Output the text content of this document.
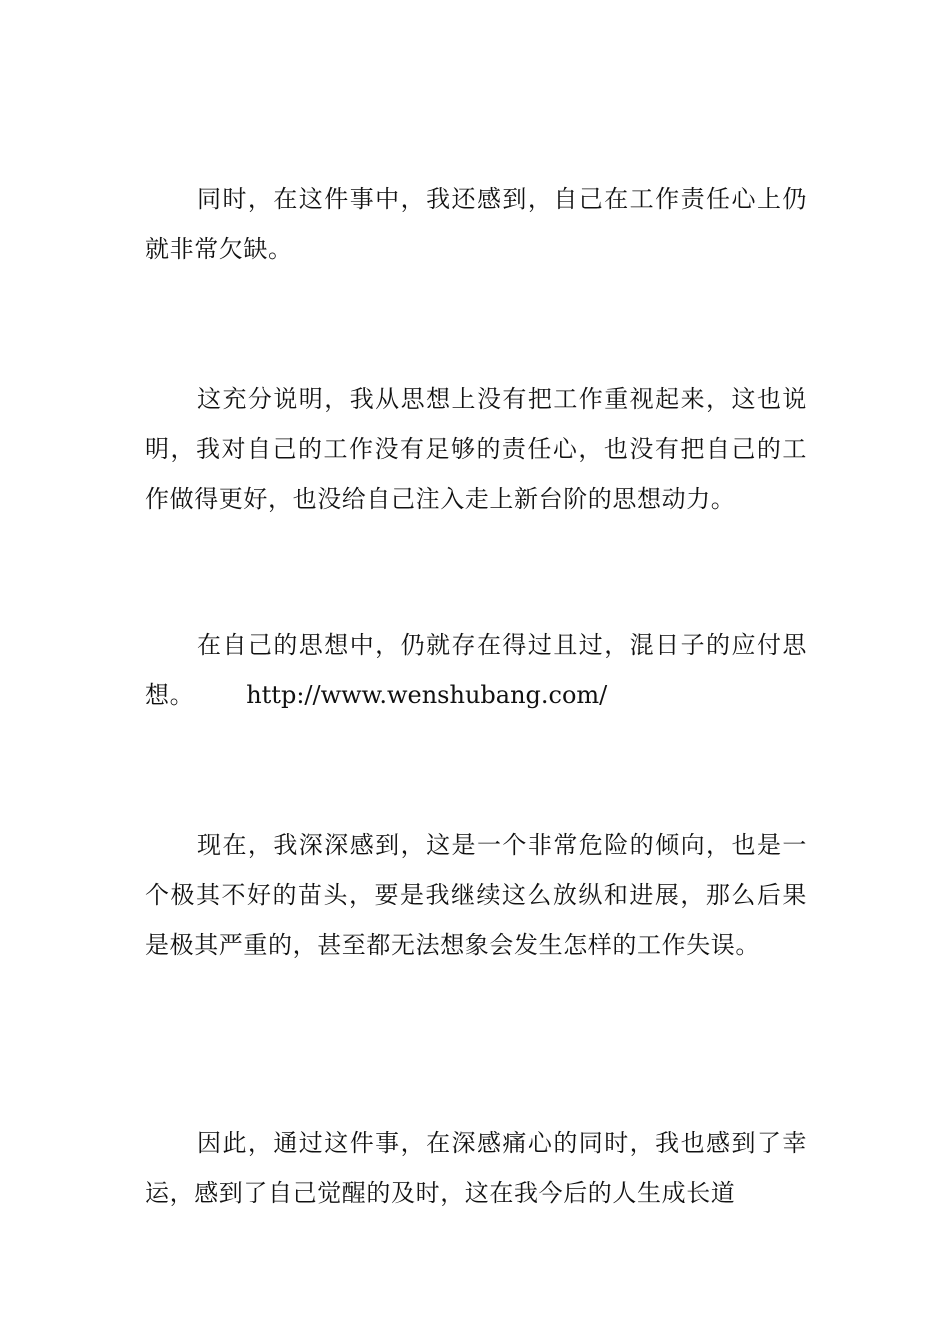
同时，在这件事中，我还感到，自己在工作责任心上仍就非常欠缺。

这充分说明，我从思想上没有把工作重视起来，这也说明，我对自己的工作没有足够的责任心，也没有把自己的工作做得更好，也没给自己注入走上新台阶的思想动力。

在自己的思想中，仍就存在得过且过，混日子的应付思想。 http://www.wenshubang.com/

现在，我深深感到，这是一个非常危险的倾向，也是一个极其不好的苗头，要是我继续这么放纵和进展，那么后果是极其严重的，甚至都无法想象会发生怎样的工作失误。

因此，通过这件事，在深感痛心的同时，我也感到了幸运，感到了自己觉醒的及时，这在我今后的人生成长道
